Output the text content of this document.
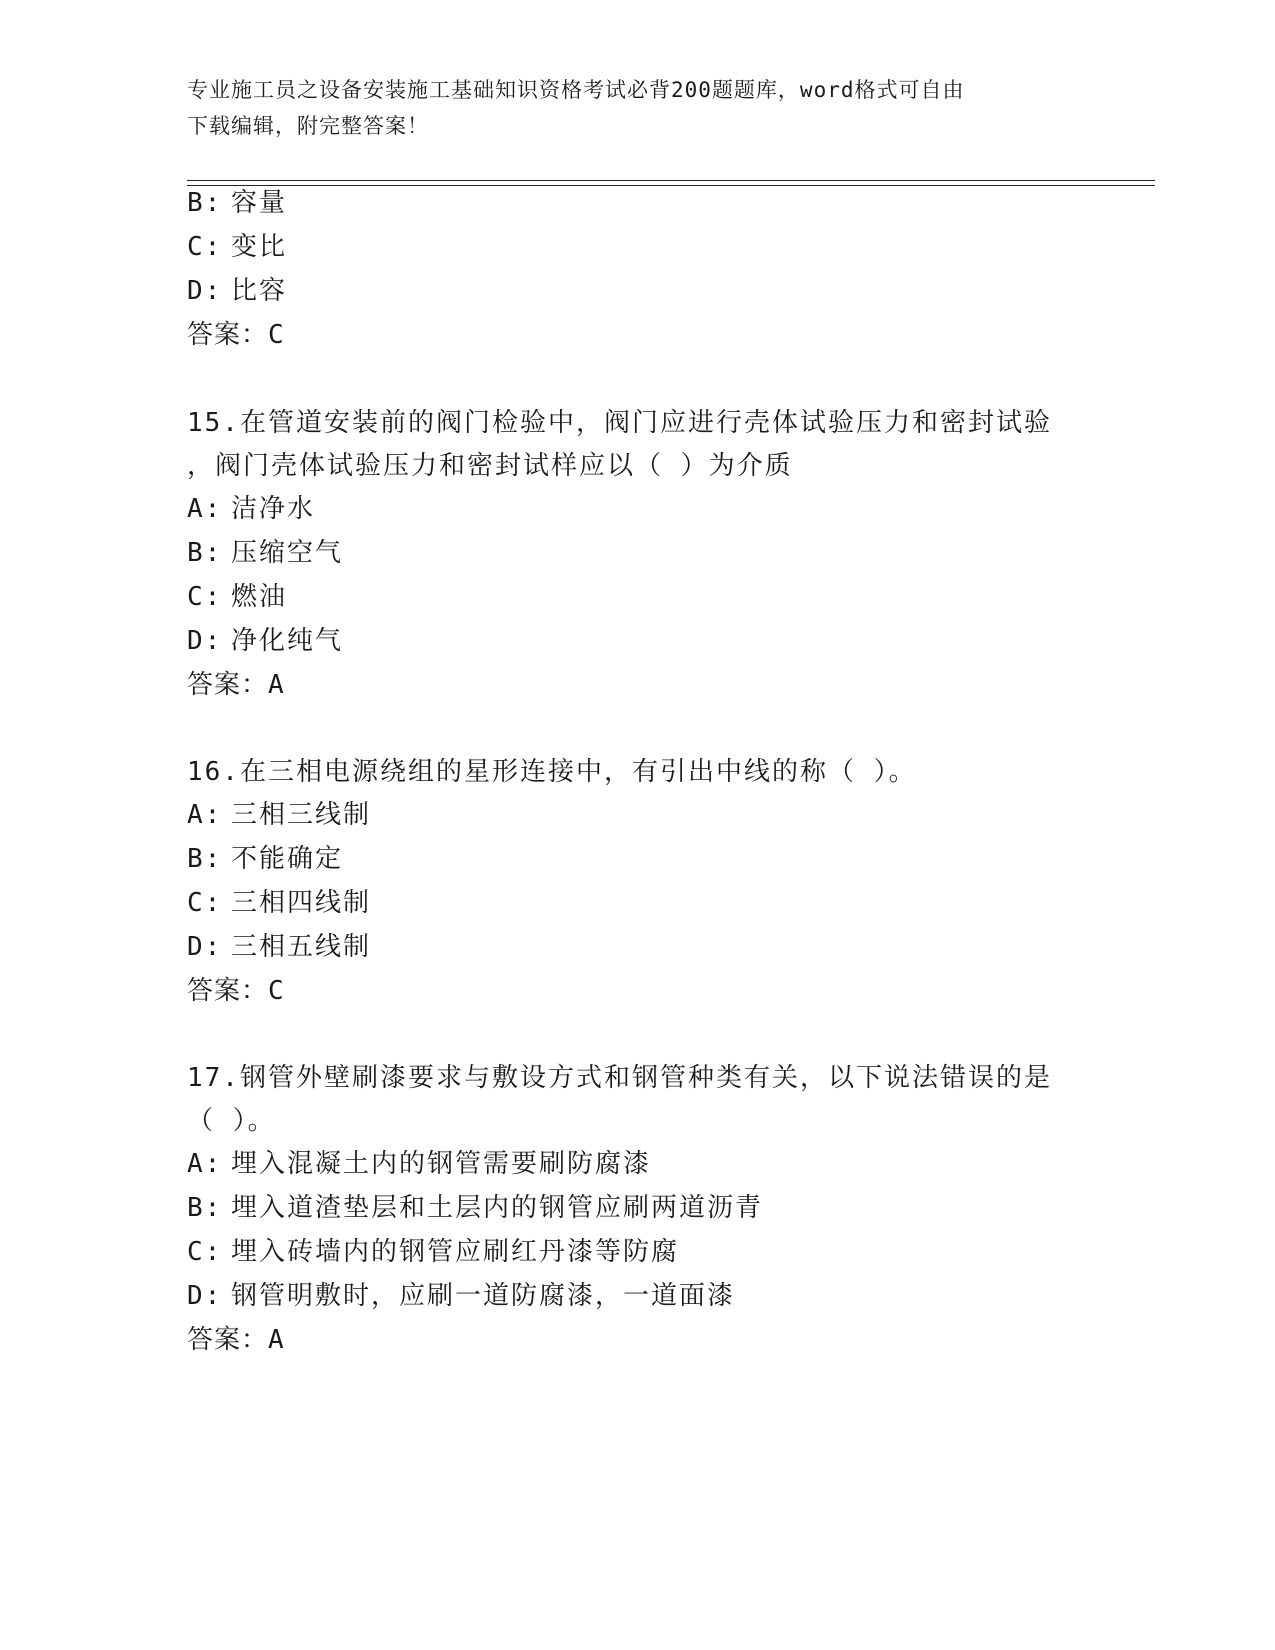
专业施工员之设备安装施工基础知识资格考试必背200题题库，word格式可自由
下载编辑，附完整答案！
B: 容量
C: 变比
D: 比容
答案：C
15.在管道安装前的阀门检验中，阀门应进行壳体试验压力和密封试验
，阀门壳体试验压力和密封试样应以（ ）为介质
A: 洁净水
B: 压缩空气
C: 燃油
D: 净化纯气
答案：A
16.在三相电源绕组的星形连接中，有引出中线的称（ ）。
A: 三相三线制
B: 不能确定
C: 三相四线制
D: 三相五线制
答案：C
17.钢管外壁刷漆要求与敷设方式和钢管种类有关，以下说法错误的是
（ ）。
A: 埋入混凝土内的钢管需要刷防腐漆
B: 埋入道渣垫层和土层内的钢管应刷两道沥青
C: 埋入砖墙内的钢管应刷红丹漆等防腐
D: 钢管明敷时，应刷一道防腐漆，一道面漆
答案：A
